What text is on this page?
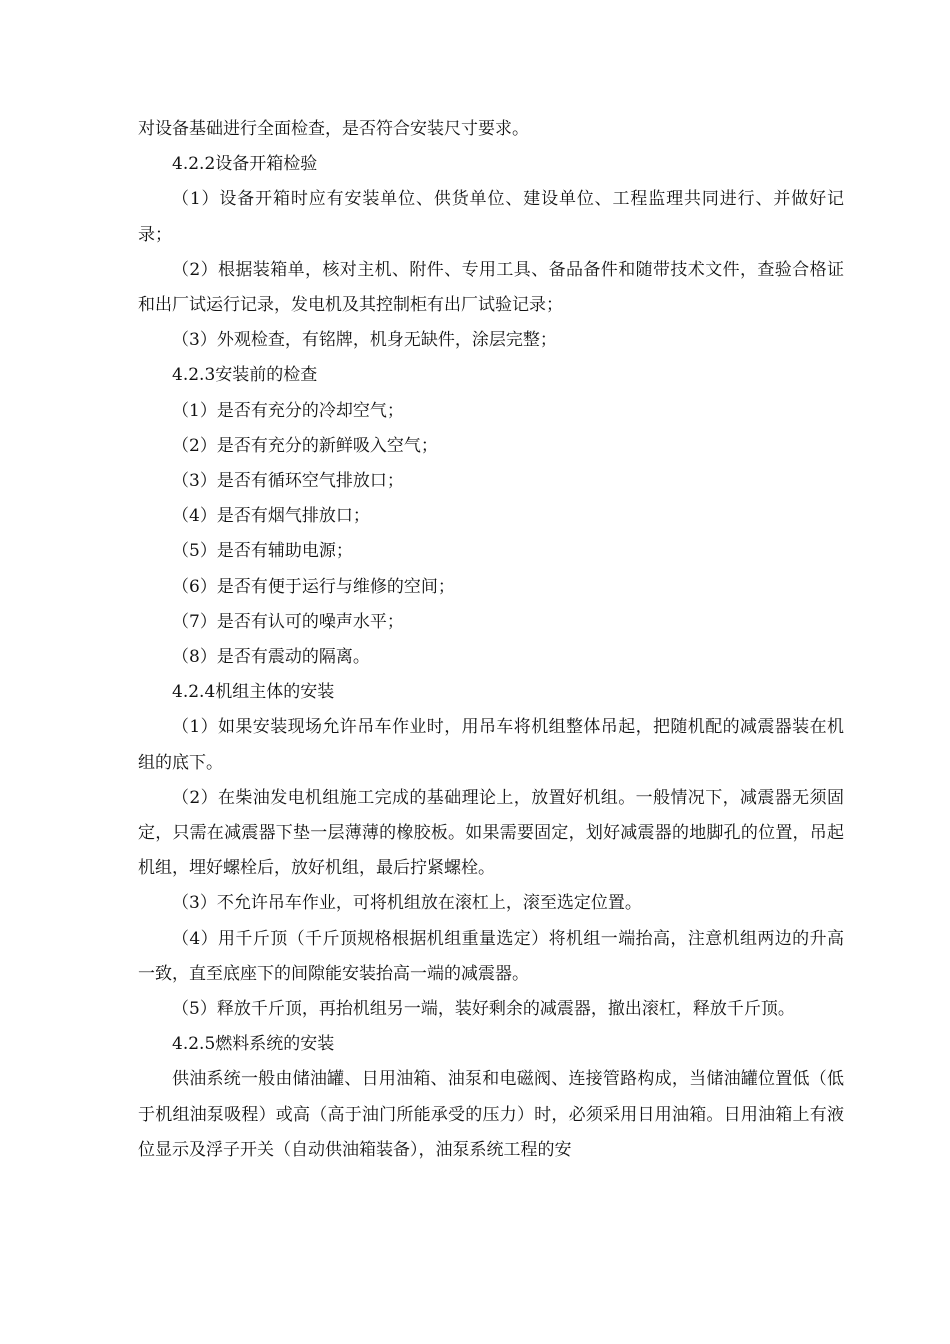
对设备基础进行全面检查，是否符合安装尺寸要求。

4.2.2设备开箱检验

（1）设备开箱时应有安装单位、供货单位、建设单位、工程监理共同进行、并做好记录；

（2）根据装箱单，核对主机、附件、专用工具、备品备件和随带技术文件，查验合格证和出厂试运行记录，发电机及其控制柜有出厂试验记录；

（3）外观检查，有铭牌，机身无缺件，涂层完整；

4.2.3安装前的检查

（1）是否有充分的冷却空气；

（2）是否有充分的新鲜吸入空气；

（3）是否有循环空气排放口；

（4）是否有烟气排放口；

（5）是否有辅助电源；

（6）是否有便于运行与维修的空间；

（7）是否有认可的噪声水平；

（8）是否有震动的隔离。

4.2.4机组主体的安装

（1）如果安装现场允许吊车作业时，用吊车将机组整体吊起，把随机配的减震器装在机组的底下。

（2）在柴油发电机组施工完成的基础理论上，放置好机组。一般情况下，减震器无须固定，只需在减震器下垫一层薄薄的橡胶板。如果需要固定，划好减震器的地脚孔的位置，吊起机组，埋好螺栓后，放好机组，最后拧紧螺栓。

（3）不允许吊车作业，可将机组放在滚杠上，滚至选定位置。

（4）用千斤顶（千斤顶规格根据机组重量选定）将机组一端抬高，注意机组两边的升高一致，直至底座下的间隙能安装抬高一端的减震器。

（5）释放千斤顶，再抬机组另一端，装好剩余的减震器，撤出滚杠，释放千斤顶。

4.2.5燃料系统的安装

供油系统一般由储油罐、日用油箱、油泵和电磁阀、连接管路构成，当储油罐位置低（低于机组油泵吸程）或高（高于油门所能承受的压力）时，必须采用日用油箱。日用油箱上有液位显示及浮子开关（自动供油箱装备），油泵系统工程的安
